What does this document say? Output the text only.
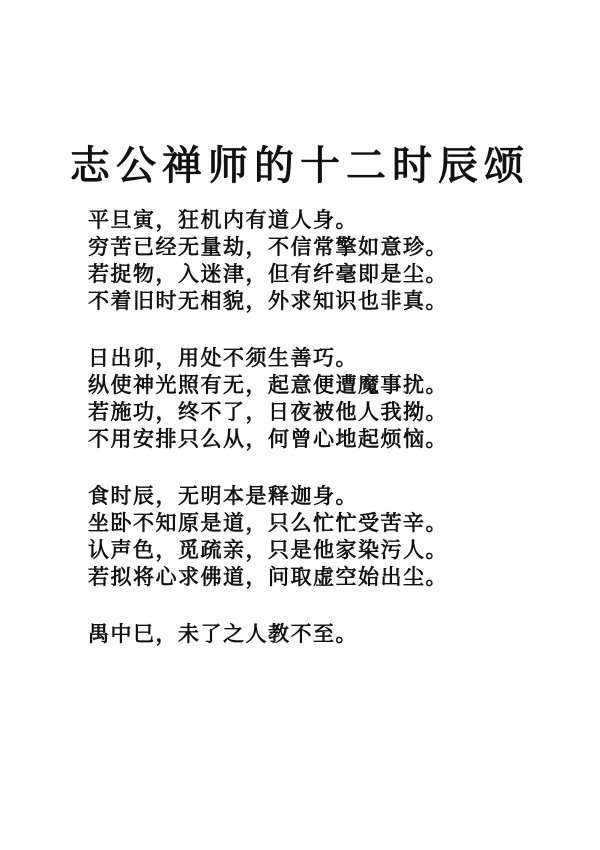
志公禅师的十二时辰颂
平旦寅，狂机内有道人身。
穷苦已经无量劫，不信常擎如意珍。
若捉物，入迷津，但有纤毫即是尘。
不着旧时无相貌，外求知识也非真。
日出卯，用处不须生善巧。
纵使神光照有无，起意便遭魔事扰。
若施功，终不了，日夜被他人我拗。
不用安排只么从，何曾心地起烦恼。
食时辰，无明本是释迦身。
坐卧不知原是道，只么忙忙受苦辛。
认声色，觅疏亲，只是他家染污人。
若拟将心求佛道，问取虚空始出尘。
禺中巳，未了之人教不至。
